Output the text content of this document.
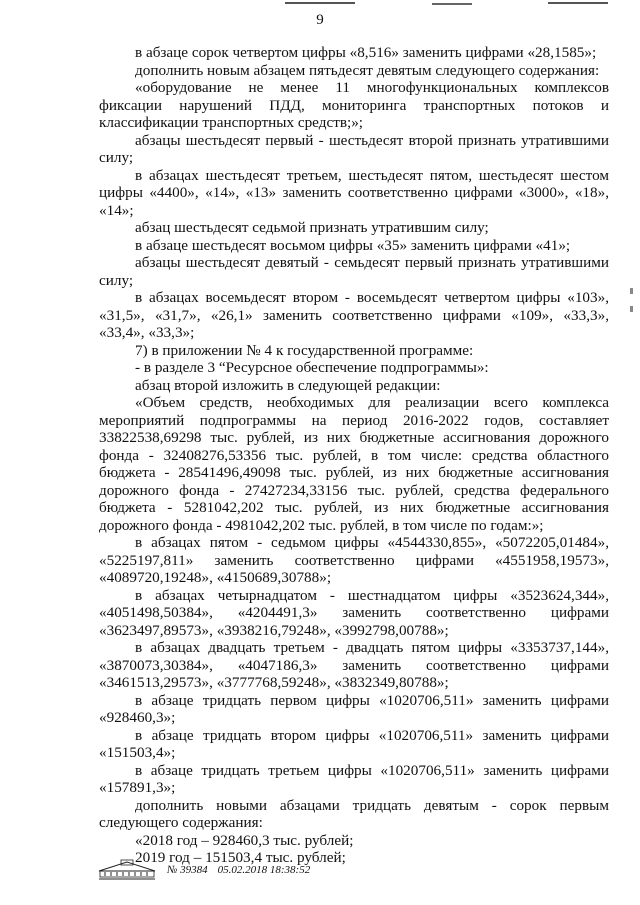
9

в абзаце сорок четвертом цифры «8,516» заменить цифрами «28,1585»;

дополнить новым абзацем пятьдесят девятым следующего содержания:

«оборудование не менее 11 многофункциональных комплексов фиксации нарушений ПДД, мониторинга транспортных потоков и классификации транспортных средств;»;

абзацы шестьдесят первый - шестьдесят второй признать утратившими силу;

в абзацах шестьдесят третьем, шестьдесят пятом, шестьдесят шестом цифры «4400», «14», «13» заменить соответственно цифрами «3000», «18», «14»;

абзац шестьдесят седьмой признать утратившим силу;

в абзаце шестьдесят восьмом цифры «35» заменить цифрами «41»;

абзацы шестьдесят девятый - семьдесят первый признать утратившими силу;

в абзацах восемьдесят втором - восемьдесят четвертом цифры «103», «31,5», «31,7», «26,1» заменить соответственно цифрами «109», «33,3», «33,4», «33,3»;

7) в приложении № 4 к государственной программе:

- в разделе 3 “Ресурсное обеспечение подпрограммы»:

абзац второй изложить в следующей редакции:

«Объем средств, необходимых для реализации всего комплекса мероприятий подпрограммы на период 2016-2022 годов, составляет 33822538,69298 тыс. рублей, из них бюджетные ассигнования дорожного фонда - 32408276,53356 тыс. рублей, в том числе: средства областного бюджета - 28541496,49098 тыс. рублей, из них бюджетные ассигнования дорожного фонда - 27427234,33156 тыс. рублей, средства федерального бюджета - 5281042,202 тыс. рублей, из них бюджетные ассигнования дорожного фонда - 4981042,202 тыс. рублей, в том числе по годам:»;

в абзацах пятом - седьмом цифры «4544330,855», «5072205,01484», «5225197,811» заменить соответственно цифрами «4551958,19573», «4089720,19248», «4150689,30788»;

в абзацах четырнадцатом - шестнадцатом цифры «3523624,344», «4051498,50384», «4204491,3» заменить соответственно цифрами «3623497,89573», «3938216,79248», «3992798,00788»;

в абзацах двадцать третьем - двадцать пятом цифры «3353737,144», «3870073,30384», «4047186,3» заменить соответственно цифрами «3461513,29573», «3777768,59248», «3832349,80788»;

в абзаце тридцать первом цифры «1020706,511» заменить цифрами «928460,3»;

в абзаце тридцать втором цифры «1020706,511» заменить цифрами «151503,4»;

в абзаце тридцать третьем цифры «1020706,511» заменить цифрами «157891,3»;

дополнить новыми абзацами тридцать девятым - сорок первым следующего содержания:

«2018 год – 928460,3 тыс. рублей;

2019 год – 151503,4 тыс. рублей;

№ 39384 05.02.2018 18:38:52
